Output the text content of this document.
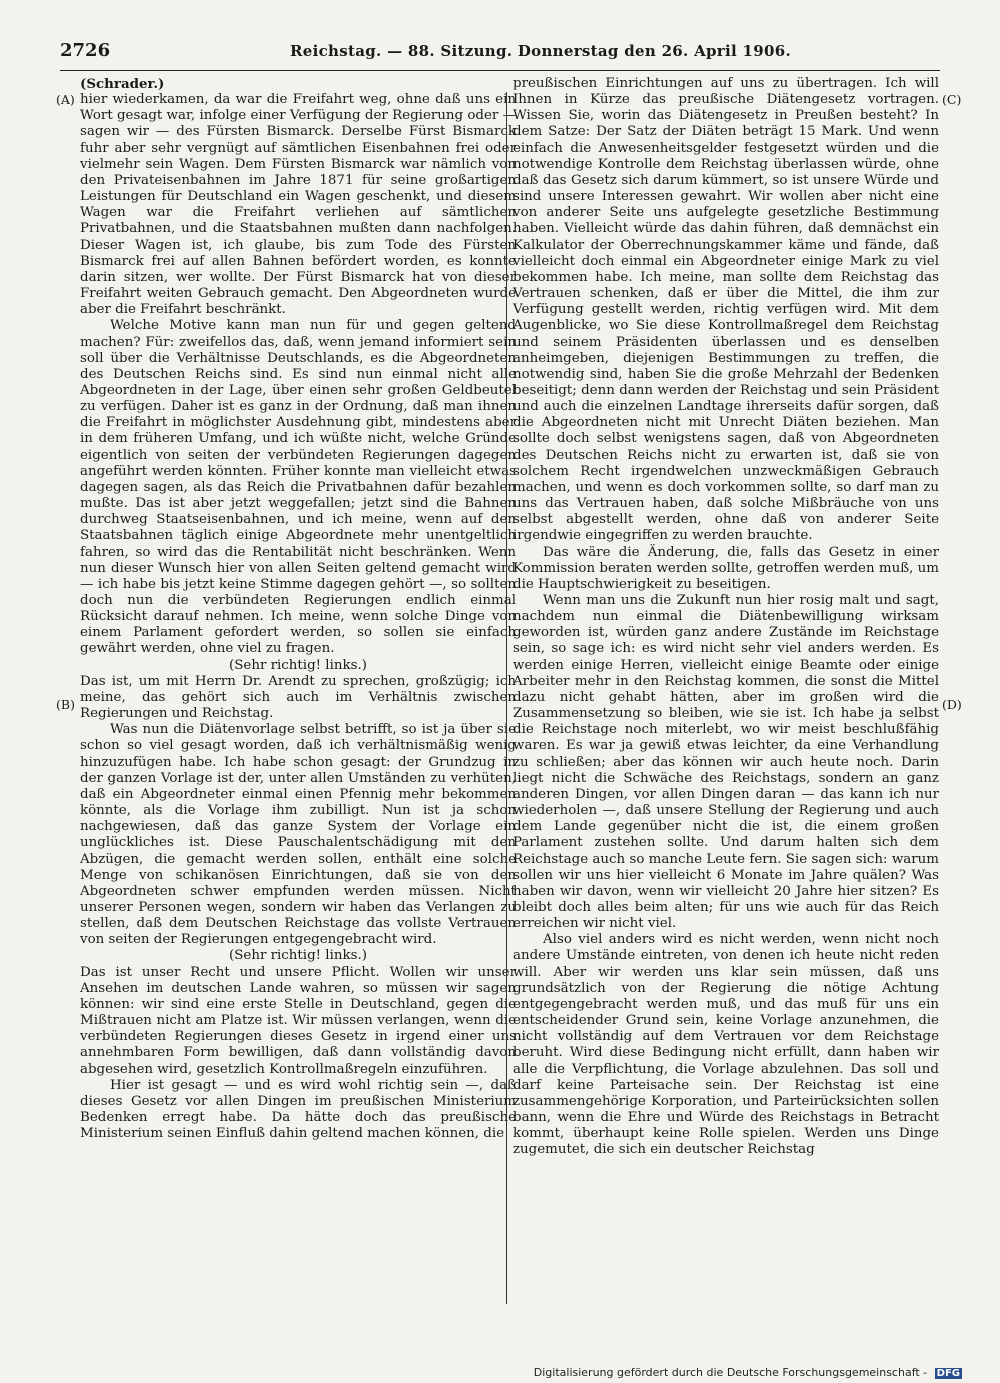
2726	Reichstag. — 88. Sitzung. Donnerstag den 26. April 1906.
(A)
(B)
(C)
(D)

(Schrader.)

hier wiederkamen, da war die Freifahrt weg, ohne daß uns ein Wort gesagt war, infolge einer Verfügung der Regierung oder — sagen wir — des Fürsten Bismarck. Derselbe Fürst Bismarck fuhr aber sehr vergnügt auf sämtlichen Eisenbahnen frei oder vielmehr sein Wagen. Dem Fürsten Bismarck war nämlich von den Privateisenbahnen im Jahre 1871 für seine großartigen Leistungen für Deutschland ein Wagen geschenkt, und diesem Wagen war die Freifahrt verliehen auf sämtlichen Privatbahnen, und die Staatsbahnen mußten dann nachfolgen. Dieser Wagen ist, ich glaube, bis zum Tode des Fürsten Bismarck frei auf allen Bahnen befördert worden, es konnte darin sitzen, wer wollte. Der Fürst Bismarck hat von dieser Freifahrt weiten Gebrauch gemacht. Den Abgeordneten wurde aber die Freifahrt beschränkt.

Welche Motive kann man nun für und gegen geltend machen? Für: zweifellos das, daß, wenn jemand informiert sein soll über die Verhältnisse Deutschlands, es die Abgeordneten des Deutschen Reichs sind. Es sind nun einmal nicht alle Abgeordneten in der Lage, über einen sehr großen Geldbeutel zu verfügen. Daher ist es ganz in der Ordnung, daß man ihnen die Freifahrt in möglichster Ausdehnung gibt, mindestens aber in dem früheren Umfang, und ich wüßte nicht, welche Gründe eigentlich von seiten der verbündeten Regierungen dagegen angeführt werden könnten. Früher konnte man vielleicht etwas dagegen sagen, als das Reich die Privatbahnen dafür bezahlen mußte. Das ist aber jetzt weggefallen; jetzt sind die Bahnen durchweg Staatseisenbahnen, und ich meine, wenn auf den Staatsbahnen täglich einige Abgeordnete mehr unentgeltlich fahren, so wird das die Rentabilität nicht beschränken. Wenn nun dieser Wunsch hier von allen Seiten geltend gemacht wird — ich habe bis jetzt keine Stimme dagegen gehört —, so sollten doch nun die verbündeten Regierungen endlich einmal Rücksicht darauf nehmen. Ich meine, wenn solche Dinge von einem Parlament gefordert werden, so sollen sie einfach gewährt werden, ohne viel zu fragen.

(Sehr richtig! links.)

Das ist, um mit Herrn Dr. Arendt zu sprechen, großzügig; ich meine, das gehört sich auch im Verhältnis zwischen Regierungen und Reichstag.

Was nun die Diätenvorlage selbst betrifft, so ist ja über sie schon so viel gesagt worden, daß ich verhältnismäßig wenig hinzuzufügen habe. Ich habe schon gesagt: der Grundzug in der ganzen Vorlage ist der, unter allen Umständen zu verhüten, daß ein Abgeordneter einmal einen Pfennig mehr bekommen könnte, als die Vorlage ihm zubilligt. Nun ist ja schon nachgewiesen, daß das ganze System der Vorlage ein unglückliches ist. Diese Pauschalentschädigung mit den Abzügen, die gemacht werden sollen, enthält eine solche Menge von schikanösen Einrichtungen, daß sie von den Abgeordneten schwer empfunden werden müssen. Nicht unserer Personen wegen, sondern wir haben das Verlangen zu stellen, daß dem Deutschen Reichstage das vollste Vertrauen von seiten der Regierungen entgegengebracht wird.

(Sehr richtig! links.)

Das ist unser Recht und unsere Pflicht. Wollen wir unser Ansehen im deutschen Lande wahren, so müssen wir sagen können: wir sind eine erste Stelle in Deutschland, gegen die Mißtrauen nicht am Platze ist. Wir müssen verlangen, wenn die verbündeten Regierungen dieses Gesetz in irgend einer uns annehmbaren Form bewilligen, daß dann vollständig davon abgesehen wird, gesetzlich Kontrollmaßregeln einzuführen.

Hier ist gesagt — und es wird wohl richtig sein —, daß dieses Gesetz vor allen Dingen im preußischen Ministerium Bedenken erregt habe. Da hätte doch das preußische Ministerium seinen Einfluß dahin geltend machen können, die

preußischen Einrichtungen auf uns zu übertragen. Ich will Ihnen in Kürze das preußische Diätengesetz vortragen. Wissen Sie, worin das Diätengesetz in Preußen besteht? In dem Satze: Der Satz der Diäten beträgt 15 Mark. Und wenn einfach die Anwesenheitsgelder festgesetzt würden und die notwendige Kontrolle dem Reichstag überlassen würde, ohne daß das Gesetz sich darum kümmert, so ist unsere Würde und sind unsere Interessen gewahrt. Wir wollen aber nicht eine von anderer Seite uns aufgelegte gesetzliche Bestimmung haben. Vielleicht würde das dahin führen, daß demnächst ein Kalkulator der Oberrechnungskammer käme und fände, daß vielleicht doch einmal ein Abgeordneter einige Mark zu viel bekommen habe. Ich meine, man sollte dem Reichstag das Vertrauen schenken, daß er über die Mittel, die ihm zur Verfügung gestellt werden, richtig verfügen wird. Mit dem Augenblicke, wo Sie diese Kontrollmaßregel dem Reichstag und seinem Präsidenten überlassen und es denselben anheimgeben, diejenigen Bestimmungen zu treffen, die notwendig sind, haben Sie die große Mehrzahl der Bedenken beseitigt; denn dann werden der Reichstag und sein Präsident und auch die einzelnen Landtage ihrerseits dafür sorgen, daß die Abgeordneten nicht mit Unrecht Diäten beziehen. Man sollte doch selbst wenigstens sagen, daß von Abgeordneten des Deutschen Reichs nicht zu erwarten ist, daß sie von solchem Recht irgendwelchen unzweckmäßigen Gebrauch machen, und wenn es doch vorkommen sollte, so darf man zu uns das Vertrauen haben, daß solche Mißbräuche von uns selbst abgestellt werden, ohne daß von anderer Seite irgendwie eingegriffen zu werden brauchte.

Das wäre die Änderung, die, falls das Gesetz in einer Kommission beraten werden sollte, getroffen werden muß, um die Hauptschwierigkeit zu beseitigen.

Wenn man uns die Zukunft nun hier rosig malt und sagt, nachdem nun einmal die Diätenbewilligung wirksam geworden ist, würden ganz andere Zustände im Reichstage sein, so sage ich: es wird nicht sehr viel anders werden. Es werden einige Herren, vielleicht einige Beamte oder einige Arbeiter mehr in den Reichstag kommen, die sonst die Mittel dazu nicht gehabt hätten, aber im großen wird die Zusammensetzung so bleiben, wie sie ist. Ich habe ja selbst die Reichstage noch miterlebt, wo wir meist beschlußfähig waren. Es war ja gewiß etwas leichter, da eine Verhandlung zu schließen; aber das können wir auch heute noch. Darin liegt nicht die Schwäche des Reichstags, sondern an ganz anderen Dingen, vor allen Dingen daran — das kann ich nur wiederholen —, daß unsere Stellung der Regierung und auch dem Lande gegenüber nicht die ist, die einem großen Parlament zustehen sollte. Und darum halten sich dem Reichstage auch so manche Leute fern. Sie sagen sich: warum sollen wir uns hier vielleicht 6 Monate im Jahre quälen? Was haben wir davon, wenn wir vielleicht 20 Jahre hier sitzen? Es bleibt doch alles beim alten; für uns wie auch für das Reich erreichen wir nicht viel.

Also viel anders wird es nicht werden, wenn nicht noch andere Umstände eintreten, von denen ich heute nicht reden will. Aber wir werden uns klar sein müssen, daß uns grundsätzlich von der Regierung die nötige Achtung entgegengebracht werden muß, und das muß für uns ein entscheidender Grund sein, keine Vorlage anzunehmen, die nicht vollständig auf dem Vertrauen vor dem Reichstage beruht. Wird diese Bedingung nicht erfüllt, dann haben wir alle die Verpflichtung, die Vorlage abzulehnen. Das soll und darf keine Parteisache sein. Der Reichstag ist eine zusammengehörige Korporation, und Parteirücksichten sollen bann, wenn die Ehre und Würde des Reichstags in Betracht kommt, überhaupt keine Rolle spielen. Werden uns Dinge zugemutet, die sich ein deutscher Reichstag

Digitalisierung gefördert durch die Deutsche Forschungsgemeinschaft - DFG
